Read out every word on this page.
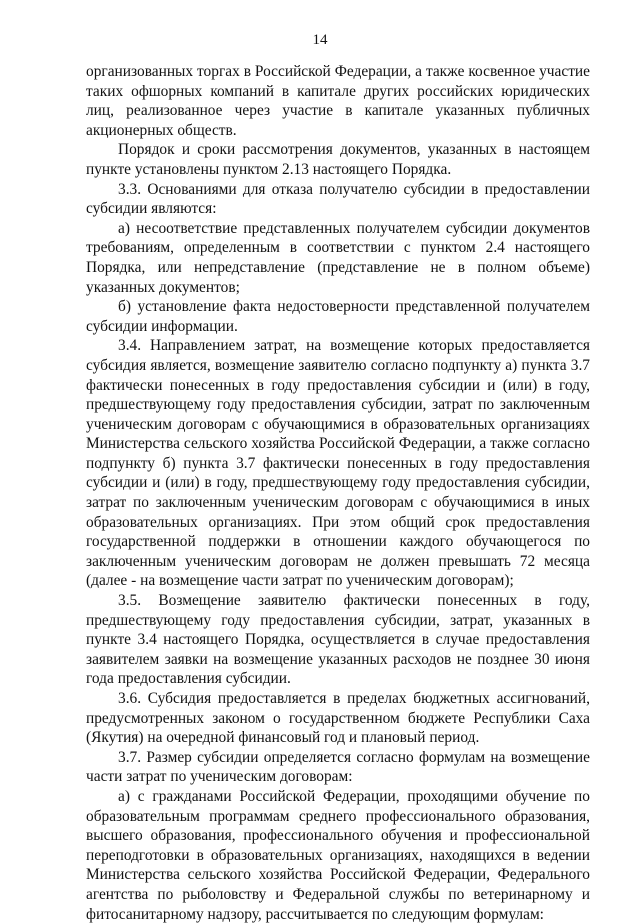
14

организованных торгах в Российской Федерации, а также косвенное участие таких офшорных компаний в капитале других российских юридических лиц, реализованное через участие в капитале указанных публичных акционерных обществ.

Порядок и сроки рассмотрения документов, указанных в настоящем пункте установлены пунктом 2.13 настоящего Порядка.

3.3. Основаниями для отказа получателю субсидии в предоставлении субсидии являются:

а) несоответствие представленных получателем субсидии документов требованиям, определенным в соответствии с пунктом 2.4 настоящего Порядка, или непредставление (представление не в полном объеме) указанных документов;

б) установление факта недостоверности представленной получателем субсидии информации.

3.4. Направлением затрат, на возмещение которых предоставляется субсидия является, возмещение заявителю согласно подпункту а) пункта 3.7 фактически понесенных в году предоставления субсидии и (или) в году, предшествующему году предоставления субсидии, затрат по заключенным ученическим договорам с обучающимися в образовательных организациях Министерства сельского хозяйства Российской Федерации, а также согласно подпункту б) пункта 3.7 фактически понесенных в году предоставления субсидии и (или) в году, предшествующему году предоставления субсидии, затрат по заключенным ученическим договорам с обучающимися в иных образовательных организациях. При этом общий срок предоставления государственной поддержки в отношении каждого обучающегося по заключенным ученическим договорам не должен превышать 72 месяца (далее - на возмещение части затрат по ученическим договорам);

3.5. Возмещение заявителю фактически понесенных в году, предшествующему году предоставления субсидии, затрат, указанных в пункте 3.4 настоящего Порядка, осуществляется в случае предоставления заявителем заявки на возмещение указанных расходов не позднее 30 июня года предоставления субсидии.

3.6. Субсидия предоставляется в пределах бюджетных ассигнований, предусмотренных законом о государственном бюджете Республики Саха (Якутия) на очередной финансовый год и плановый период.

3.7. Размер субсидии определяется согласно формулам на возмещение части затрат по ученическим договорам:

а) с гражданами Российской Федерации, проходящими обучение по образовательным программам среднего профессионального образования, высшего образования, профессионального обучения и профессиональной переподготовки в образовательных организациях, находящихся в ведении Министерства сельского хозяйства Российской Федерации, Федерального агентства по рыболовству и Федеральной службы по ветеринарному и фитосанитарному надзору, рассчитывается по следующим формулам:
